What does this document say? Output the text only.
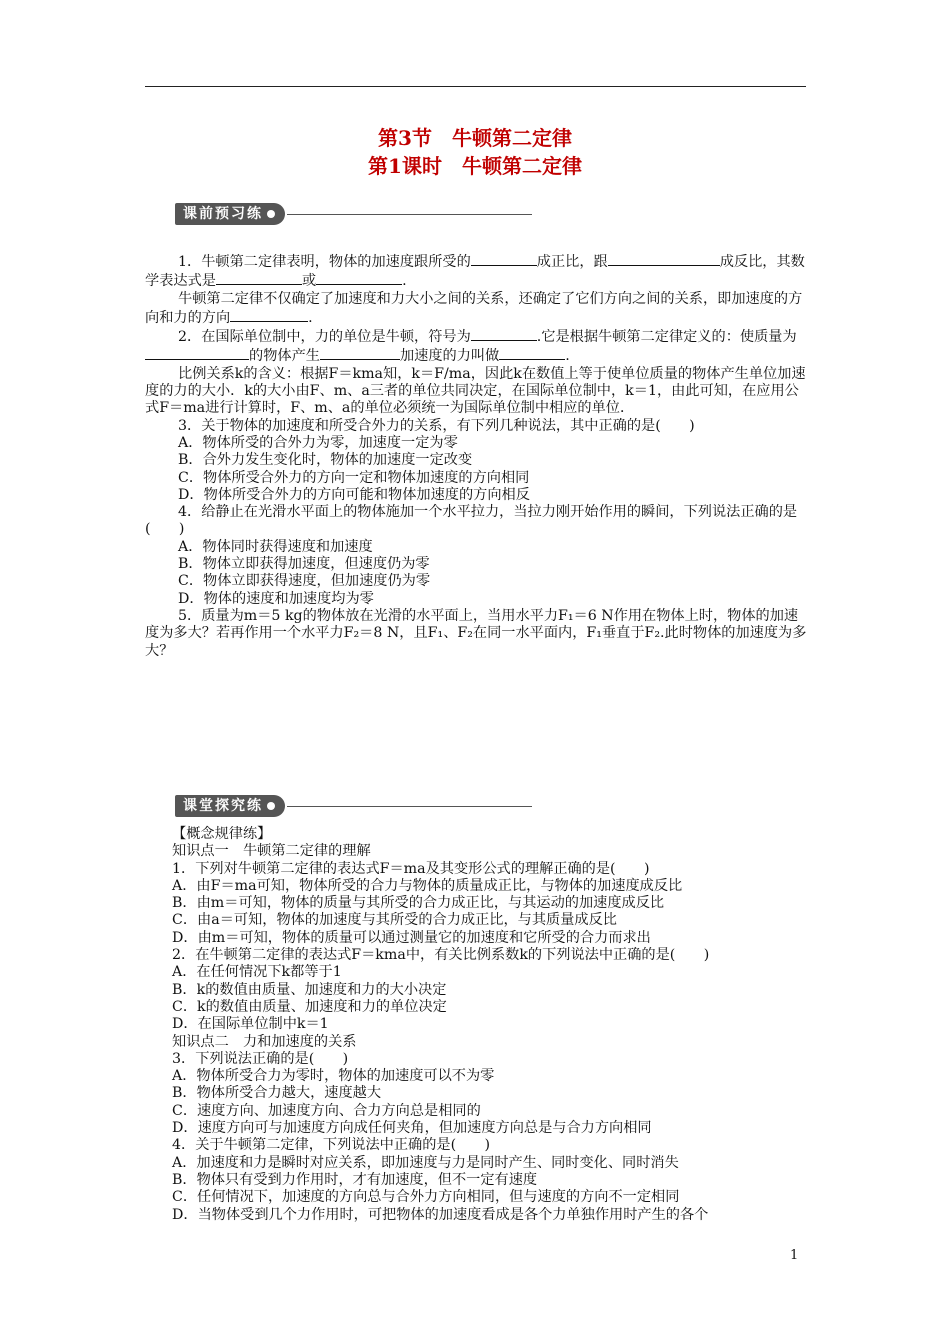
第3节　牛顿第二定律
第1课时　牛顿第二定律
课前预习练

1．牛顿第二定律表明，物体的加速度跟所受的	成正比，跟	成反比，其数学表达式是	或	.

牛顿第二定律不仅确定了加速度和力大小之间的关系，还确定了它们方向之间的关系，即加速度的方向和力的方向	.

2．在国际单位制中，力的单位是牛顿，符号为	.它是根据牛顿第二定律定义的：使质量为的物体产生	加速度的力叫做	.

比例关系k的含义：根据F＝kma知，k＝F/ma，因此k在数值上等于使单位质量的物体产生单位加速度的力的大小．k的大小由F、m、a三者的单位共同决定，在国际单位制中，k＝1，由此可知，在应用公式F＝ma进行计算时，F、m、a的单位必须统一为国际单位制中相应的单位．

3．关于物体的加速度和所受合外力的关系，有下列几种说法，其中正确的是(　　)

A．物体所受的合外力为零，加速度一定为零

B．合外力发生变化时，物体的加速度一定改变

C．物体所受合外力的方向一定和物体加速度的方向相同

D．物体所受合外力的方向可能和物体加速度的方向相反

4．给静止在光滑水平面上的物体施加一个水平拉力，当拉力刚开始作用的瞬间，下列说法正确的是(　　)

A．物体同时获得速度和加速度

B．物体立即获得加速度，但速度仍为零

C．物体立即获得速度，但加速度仍为零

D．物体的速度和加速度均为零

5．质量为m＝5 kg的物体放在光滑的水平面上，当用水平力F₁＝6 N作用在物体上时，物体的加速度为多大？若再作用一个水平力F₂＝8 N，且F₁、F₂在同一水平面内，F₁垂直于F₂.此时物体的加速度为多大？

课堂探究练

【概念规律练】

知识点一　牛顿第二定律的理解

1．下列对牛顿第二定律的表达式F＝ma及其变形公式的理解正确的是(　　)

A．由F＝ma可知，物体所受的合力与物体的质量成正比，与物体的加速度成反比

B．由m＝可知，物体的质量与其所受的合力成正比，与其运动的加速度成反比

C．由a＝可知，物体的加速度与其所受的合力成正比，与其质量成反比

D．由m＝可知，物体的质量可以通过测量它的加速度和它所受的合力而求出

2．在牛顿第二定律的表达式F＝kma中，有关比例系数k的下列说法中正确的是(　　)

A．在任何情况下k都等于1

B．k的数值由质量、加速度和力的大小决定

C．k的数值由质量、加速度和力的单位决定

D．在国际单位制中k＝1

知识点二　力和加速度的关系

3．下列说法正确的是(　　)

A．物体所受合力为零时，物体的加速度可以不为零

B．物体所受合力越大，速度越大

C．速度方向、加速度方向、合力方向总是相同的

D．速度方向可与加速度方向成任何夹角，但加速度方向总是与合力方向相同

4．关于牛顿第二定律，下列说法中正确的是(　　)

A．加速度和力是瞬时对应关系，即加速度与力是同时产生、同时变化、同时消失

B．物体只有受到力作用时，才有加速度，但不一定有速度

C．任何情况下，加速度的方向总与合外力方向相同，但与速度的方向不一定相同

D．当物体受到几个力作用时，可把物体的加速度看成是各个力单独作用时产生的各个

1
